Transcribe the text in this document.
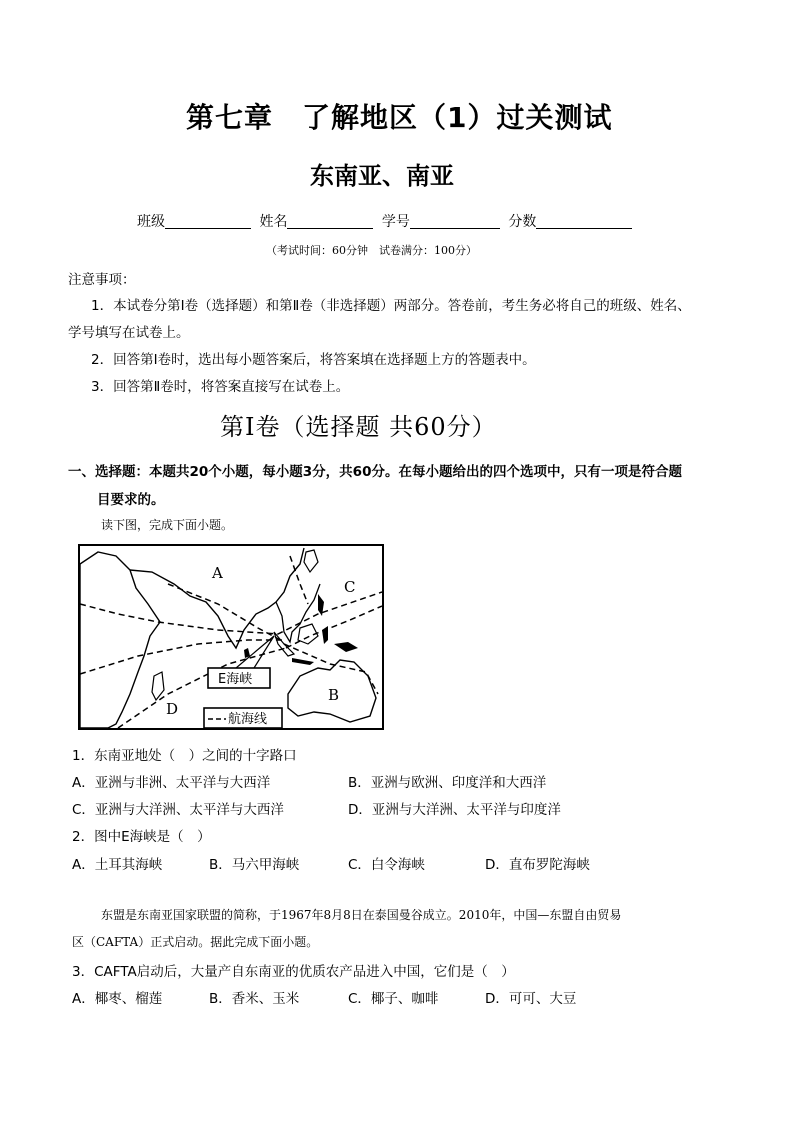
第七章　了解地区（1）过关测试
东南亚、南亚
班级	姓名	学号	分数
（考试时间：60分钟　试卷满分：100分）
注意事项：
1．本试卷分第Ⅰ卷（选择题）和第Ⅱ卷（非选择题）两部分。答卷前，考生务必将自己的班级、姓名、
学号填写在试卷上。
2．回答第Ⅰ卷时，选出每小题答案后，将答案填在选择题上方的答题表中。
3．回答第Ⅱ卷时，将答案直接写在试卷上。
第Ⅰ卷（选择题 共60分）
一、选择题：本题共20个小题，每小题3分，共60分。在每小题给出的四个选项中，只有一项是符合题
目要求的。
读下图，完成下面小题。
A
C
B
D
E海峡
航海线
1．东南亚地处（　）之间的十字路口
A．亚洲与非洲、太平洋与大西洋	B．亚洲与欧洲、印度洋和大西洋
C．亚洲与大洋洲、太平洋与大西洋	D．亚洲与大洋洲、太平洋与印度洋
2．图中E海峡是（　）
A．土耳其海峡	B．马六甲海峡	C．白令海峡	D．直布罗陀海峡
东盟是东南亚国家联盟的简称，于1967年8月8日在泰国曼谷成立。2010年，中国—东盟自由贸易
区（CAFTA）正式启动。据此完成下面小题。
3．CAFTA启动后，大量产自东南亚的优质农产品进入中国，它们是（　）
A．椰枣、榴莲	B．香米、玉米	C．椰子、咖啡	D．可可、大豆
